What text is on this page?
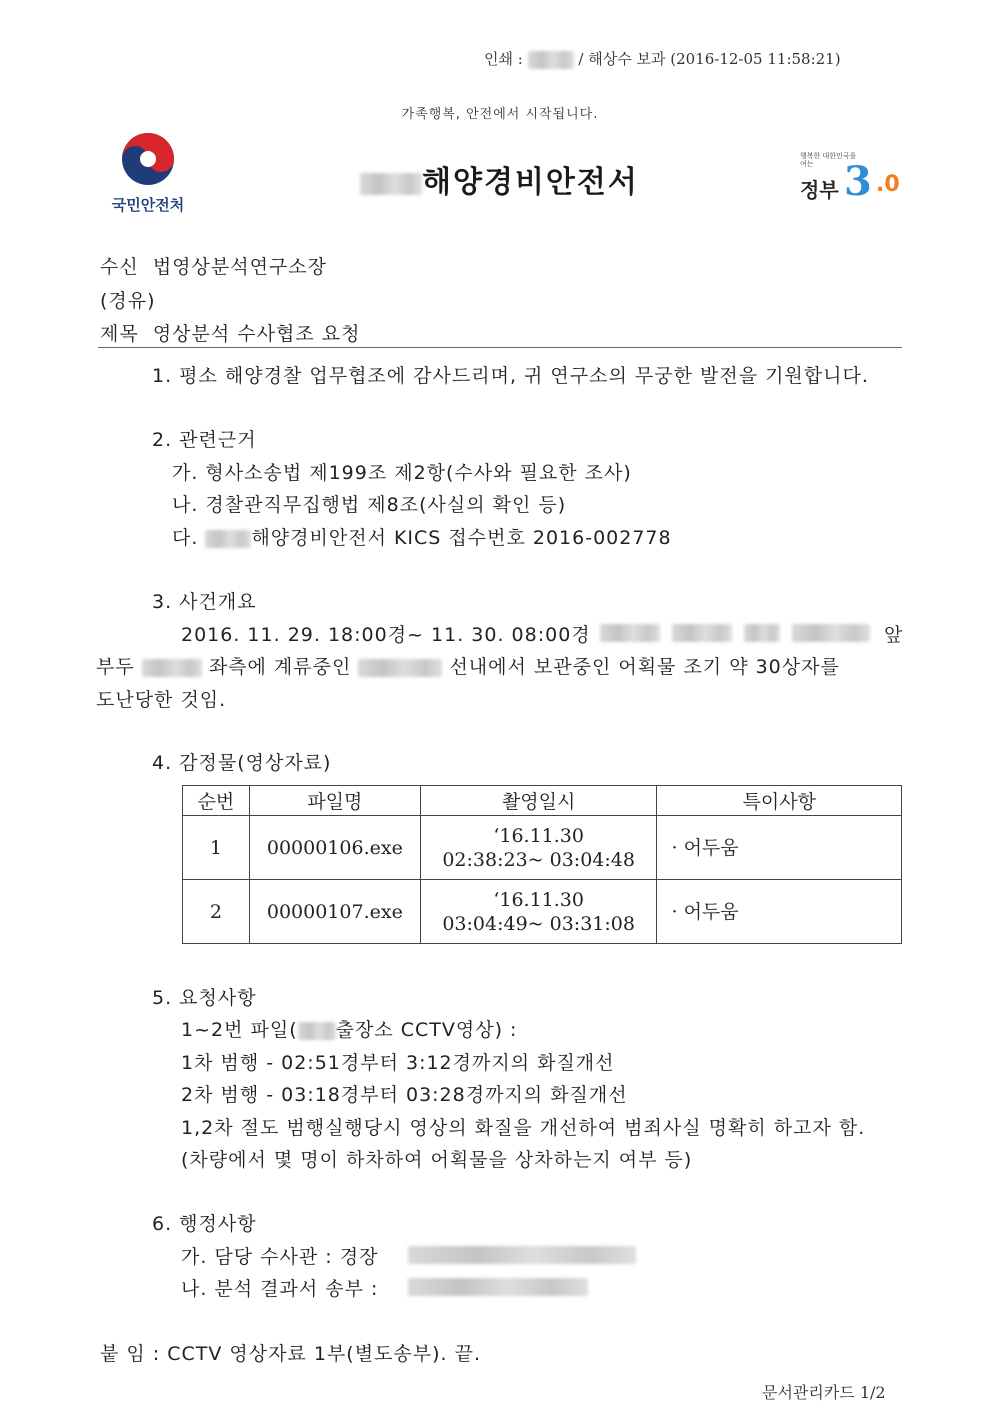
인쇄 :	/ 해상수 보과 (2016-12-05 11:58:21)
가족행복, 안전에서 시작됩니다.
국민안전처
해양경비안전서
행복한 대한민국을 여는
정부 3 .0
수신 법영상분석연구소장
(경유)
제목 영상분석 수사협조 요청
1. 평소 해양경찰 업무협조에 감사드리며, 귀 연구소의 무궁한 발전을 기원합니다.
2. 관련근거
가. 형사소송법 제199조 제2항(수사와 필요한 조사)
나. 경찰관직무집행법 제8조(사실의 확인 등)
다.	해양경비안전서 KICS 접수번호 2016-002778
3. 사건개요
2016. 11. 29. 18:00경~ 11. 30. 08:00경	앞
부두	좌측에 계류중인	선내에서 보관중인 어획물 조기 약 30상자를
도난당한 것임.
4. 감정물(영상자료)
순번	파일명	촬영일시	특이사항
1	00000106.exe	‘16.11.30
02:38:23~ 03:04:48	· 어두움
2	00000107.exe	‘16.11.30
03:04:49~ 03:31:08	· 어두움
5. 요청사항
1~2번 파일( 출장소 CCTV영상) :
1차 범행 - 02:51경부터 3:12경까지의 화질개선
2차 범행 - 03:18경부터 03:28경까지의 화질개선
1,2차 절도 범행실행당시 영상의 화질을 개선하여 범죄사실 명확히 하고자 함.
(차량에서 몇 명이 하차하여 어획물을 상차하는지 여부 등)
6. 행정사항
가. 담당 수사관 : 경장
나. 분석 결과서 송부 :
붙 임 : CCTV 영상자료 1부(별도송부). 끝.
문서관리카드 1/2
